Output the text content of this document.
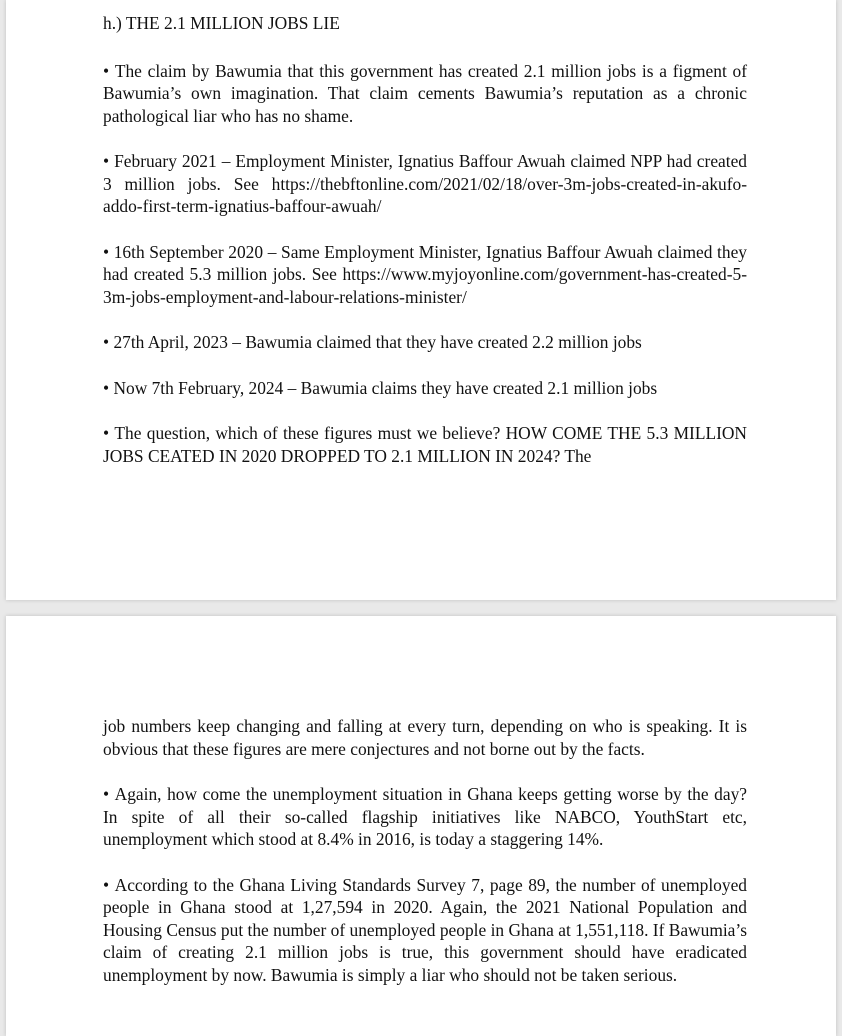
h.) THE 2.1 MILLION JOBS LIE

• The claim by Bawumia that this government has created 2.1 million jobs is a figment of Bawumia’s own imagination. That claim cements Bawumia’s reputation as a chronic pathological liar who has no shame.

• February 2021 – Employment Minister, Ignatius Baffour Awuah claimed NPP had created 3 million jobs. See https://thebftonline.com/2021/02/18/over-3m-jobs-created-in-akufo-addo-first-term-ignatius-baffour-awuah/

• 16th September 2020 – Same Employment Minister, Ignatius Baffour Awuah claimed they had created 5.3 million jobs. See https://www.myjoyonline.com/government-has-created-5-3m-jobs-employment-and-labour-relations-minister/

• 27th April, 2023 – Bawumia claimed that they have created 2.2 million jobs

• Now 7th February, 2024 – Bawumia claims they have created 2.1 million jobs

• The question, which of these figures must we believe? HOW COME THE 5.3 MILLION JOBS CEATED IN 2020 DROPPED TO 2.1 MILLION IN 2024? The

job numbers keep changing and falling at every turn, depending on who is speaking. It is obvious that these figures are mere conjectures and not borne out by the facts.

• Again, how come the unemployment situation in Ghana keeps getting worse by the day? In spite of all their so-called flagship initiatives like NABCO, YouthStart etc, unemployment which stood at 8.4% in 2016, is today a staggering 14%.

• According to the Ghana Living Standards Survey 7, page 89, the number of unemployed people in Ghana stood at 1,27,594 in 2020. Again, the 2021 National Population and Housing Census put the number of unemployed people in Ghana at 1,551,118. If Bawumia’s claim of creating 2.1 million jobs is true, this government should have eradicated unemployment by now. Bawumia is simply a liar who should not be taken serious.
